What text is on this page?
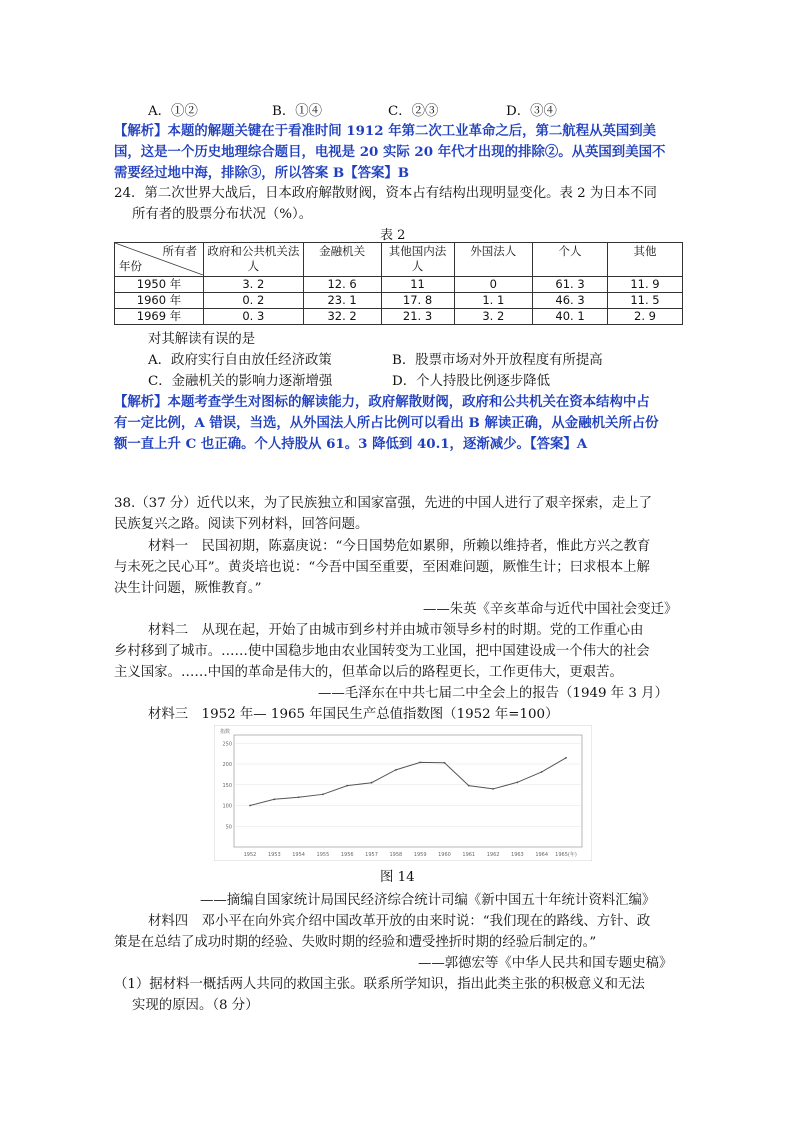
A．①②	B．①④	C．②③	D．③④
【解析】本题的解题关键在于看准时间 1912 年第二次工业革命之后，第二航程从英国到美
国，这是一个历史地理综合题目，电视是 20 实际 20 年代才出现的排除②。从英国到美国不
需要经过地中海，排除③，所以答案 B【答案】B
24．第二次世界大战后，日本政府解散财阀，资本占有结构出现明显变化。表 2 为日本不同
所有者的股票分布状况（%）。
表 2
所有者
年份	政府和公共机关法人	金融机关	其他国内法人	外国法人	个人	其他
1950 年	3. 2	12. 6	11	0	61. 3	11. 9
1960 年	0. 2	23. 1	17. 8	1. 1	46. 3	11. 5
1969 年	0. 3	32. 2	21. 3	3. 2	40. 1	2. 9
对其解读有误的是
A．政府实行自由放任经济政策	B．股票市场对外开放程度有所提高
C．金融机关的影响力逐渐增强	D．个人持股比例逐步降低
【解析】本题考查学生对图标的解读能力，政府解散财阀，政府和公共机关在资本结构中占
有一定比例，A 错误，当选，从外国法人所占比例可以看出 B 解读正确，从金融机关所占份
额一直上升 C 也正确。个人持股从 61。3 降低到 40.1，逐渐减少。【答案】A
38.（37 分）近代以来，为了民族独立和国家富强，先进的中国人进行了艰辛探索，走上了
民族复兴之路。阅读下列材料，回答问题。
材料一　民国初期，陈嘉庚说：“今日国势危如累卵，所赖以维持者，惟此方兴之教育
与未死之民心耳”。黄炎培也说：“今吾中国至重要，至困难问题，厥惟生计；曰求根本上解
决生计问题，厥惟教育。”
——朱英《辛亥革命与近代中国社会变迁》
材料二　从现在起，开始了由城市到乡村并由城市领导乡村的时期。党的工作重心由
乡村移到了城市。……使中国稳步地由农业国转变为工业国，把中国建设成一个伟大的社会
主义国家。……中国的革命是伟大的，但革命以后的路程更长，工作更伟大，更艰苦。
——毛泽东在中共七届二中全会上的报告（1949 年 3 月）
材料三　1952 年— 1965 年国民生产总值指数图（1952 年=100）
指数
50
100
150
200
250
1952 1953 1954 1955 1956 1957 1958 1959 1960 1961 1962 1963 1964 1965(年)
图 14
——摘编自国家统计局国民经济综合统计司编《新中国五十年统计资料汇编》
材料四　邓小平在向外宾介绍中国改革开放的由来时说：“我们现在的路线、方针、政
策是在总结了成功时期的经验、失败时期的经验和遭受挫折时期的经验后制定的。”
——郭德宏等《中华人民共和国专题史稿》
（1）据材料一概括两人共同的救国主张。联系所学知识，指出此类主张的积极意义和无法
实现的原因。（8 分）
